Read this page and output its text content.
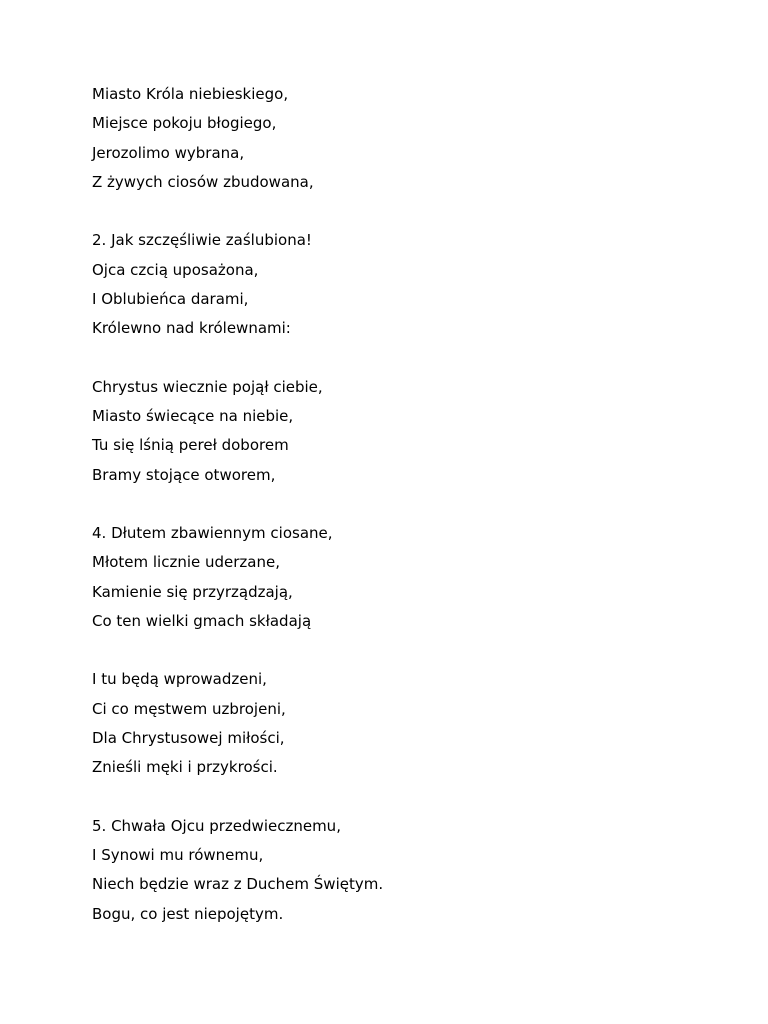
Miasto Króla niebieskiego,
Miejsce pokoju błogiego,
Jerozolimo wybrana,
Z żywych ciosów zbudowana,
2. Jak szczęśliwie zaślubiona!
Ojca czcią uposażona,
I Oblubieńca darami,
Królewno nad królewnami:
Chrystus wiecznie pojął ciebie,
Miasto świecące na niebie,
Tu się lśnią pereł doborem
Bramy stojące otworem,
4. Dłutem zbawiennym ciosane,
Młotem licznie uderzane,
Kamienie się przyrządzają,
Co ten wielki gmach składają
I tu będą wprowadzeni,
Ci co męstwem uzbrojeni,
Dla Chrystusowej miłości,
Znieśli męki i przykrości.
5. Chwała Ojcu przedwiecznemu,
I Synowi mu równemu,
Niech będzie wraz z Duchem Świętym.
Bogu, co jest niepojętym.
